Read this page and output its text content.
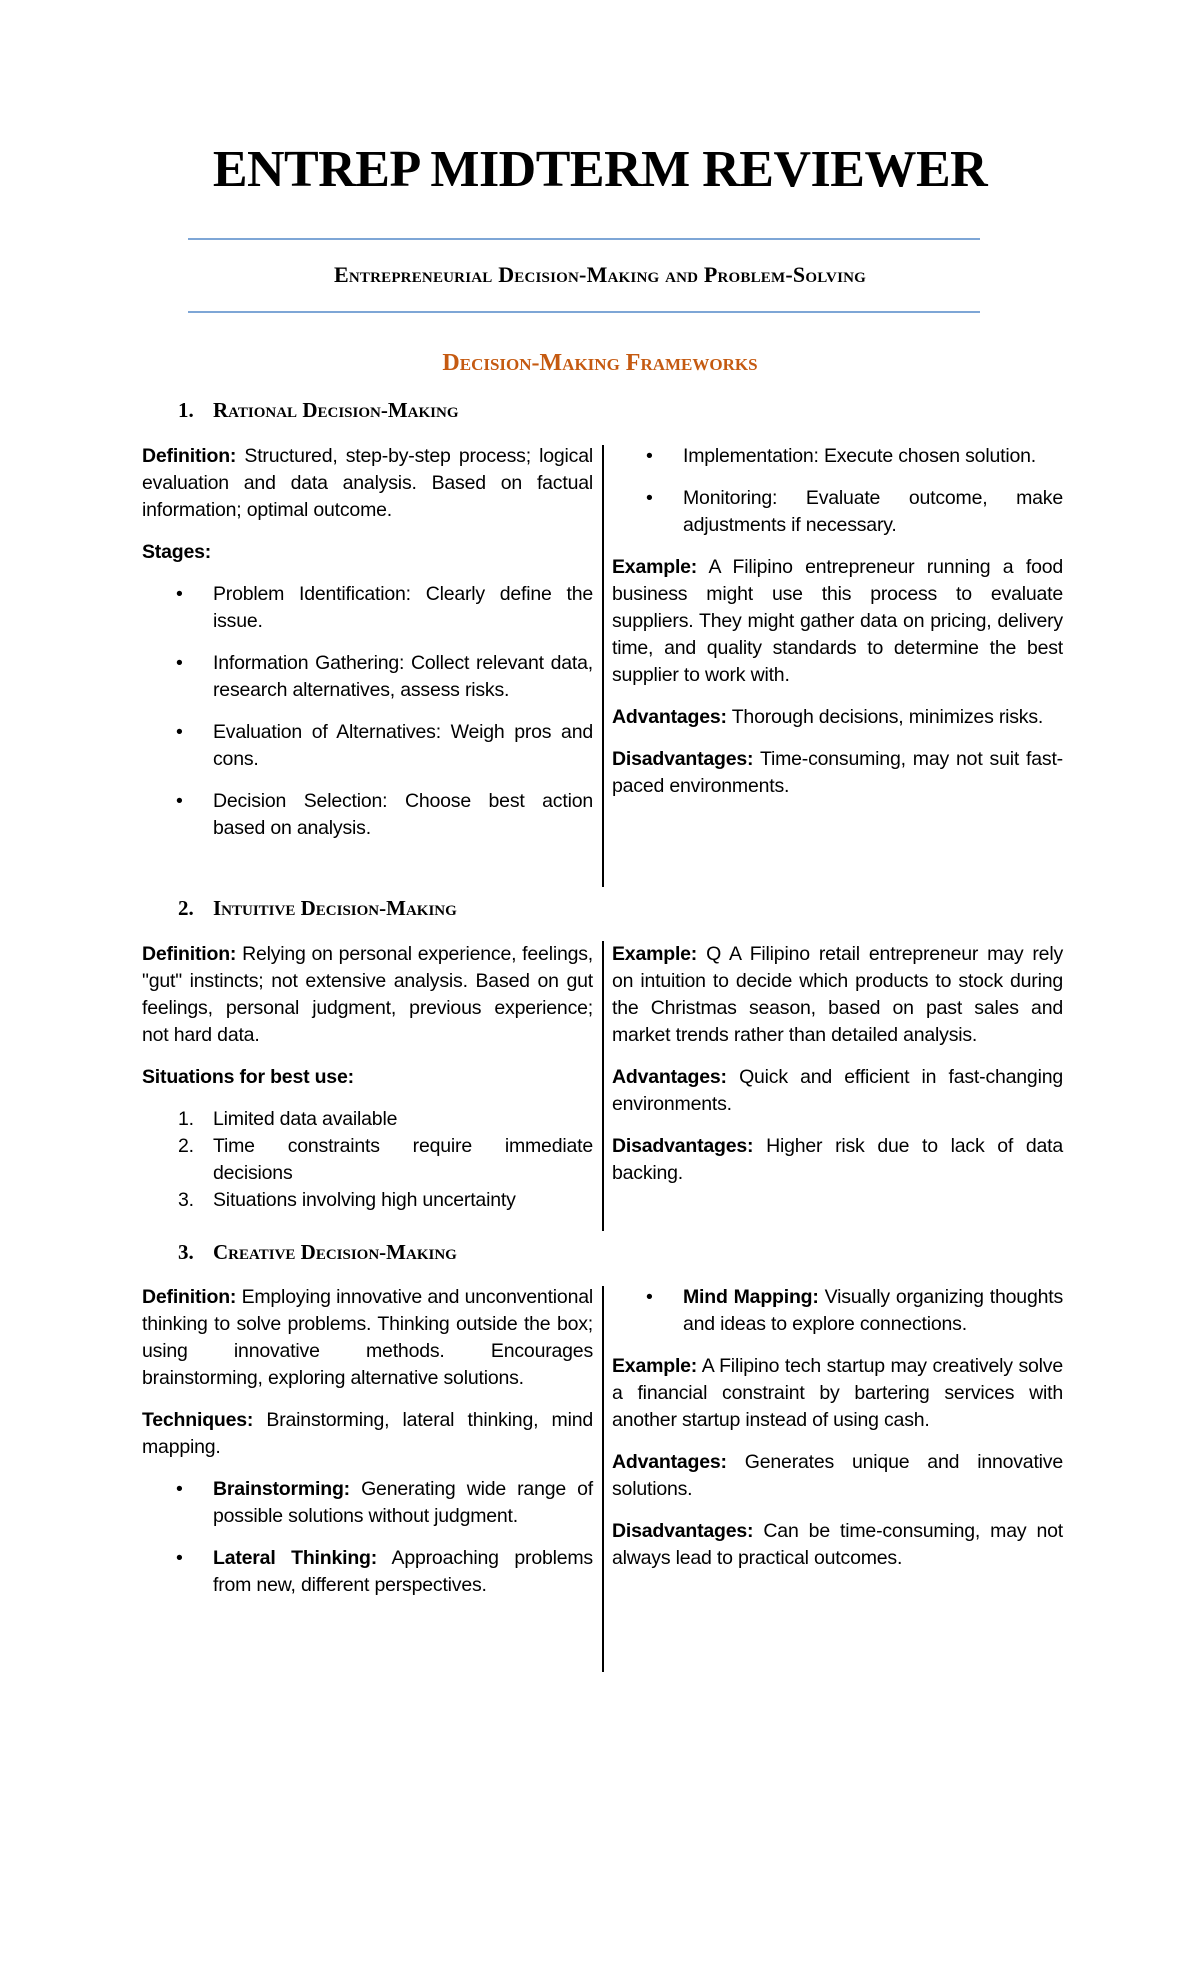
ENTREP MIDTERM REVIEWER
Entrepreneurial Decision-Making and Problem-Solving
Decision-Making Frameworks
1. Rational Decision-Making

Definition: Structured, step-by-step process; logical evaluation and data analysis. Based on factual information; optimal outcome.

Stages:

• Problem Identification: Clearly define the issue.
• Information Gathering: Collect relevant data, research alternatives, assess risks.
• Evaluation of Alternatives: Weigh pros and cons.
• Decision Selection: Choose best action based on analysis.
• Implementation: Execute chosen solution.
• Monitoring: Evaluate outcome, make adjustments if necessary.

Example: A Filipino entrepreneur running a food business might use this process to evaluate suppliers. They might gather data on pricing, delivery time, and quality standards to determine the best supplier to work with.

Advantages: Thorough decisions, minimizes risks.

Disadvantages: Time-consuming, may not suit fast-paced environments.

2. Intuitive Decision-Making

Definition: Relying on personal experience, feelings, "gut" instincts; not extensive analysis. Based on gut feelings, personal judgment, previous experience; not hard data.

Situations for best use:

1. Limited data available
2. Time constraints require immediate decisions
3. Situations involving high uncertainty

Example: Q A Filipino retail entrepreneur may rely on intuition to decide which products to stock during the Christmas season, based on past sales and market trends rather than detailed analysis.

Advantages: Quick and efficient in fast-changing environments.

Disadvantages: Higher risk due to lack of data backing.

3. Creative Decision-Making

Definition: Employing innovative and unconventional thinking to solve problems. Thinking outside the box; using innovative methods. Encourages brainstorming, exploring alternative solutions.

Techniques: Brainstorming, lateral thinking, mind mapping.

• Brainstorming: Generating wide range of possible solutions without judgment.
• Lateral Thinking: Approaching problems from new, different perspectives.
• Mind Mapping: Visually organizing thoughts and ideas to explore connections.

Example: A Filipino tech startup may creatively solve a financial constraint by bartering services with another startup instead of using cash.

Advantages: Generates unique and innovative solutions.

Disadvantages: Can be time-consuming, may not always lead to practical outcomes.
